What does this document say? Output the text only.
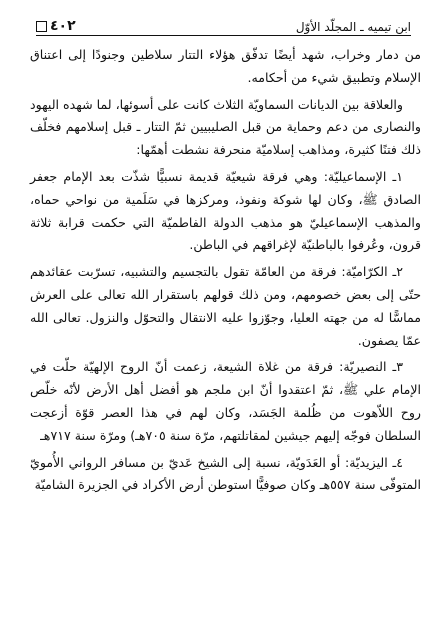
٤٠٢	ابن تيميه ـ المجلّد الأوّل

من دمار وخراب، شهد أيضًا تدفّق هؤلاء التتار سلاطين وجنودًا إلى اعتناق الإسلام وتطبيق شيء من أحكامه.

والعلاقة بين الديانات السماويّة الثلاث كانت على أسوئها، لما شهده اليهود والنصارى من دعم وحماية من قبل الصليبيين ثمّ التتار ـ قبل إسلامهم فخلّف ذلك فتنًا كثيرة، ومذاهب إسلاميّة منحرفة نشطت أهمّها:

١ـ الإسماعيليّة: وهي فرقة شيعيّة قديمة نسبيًّا شذّت بعد الإمام جعفر الصادق ﷺ، وكان لها شوكة ونفوذ، ومركزها في سَلَمية من نواحي حماه، والمذهب الإسماعيليّ هو مذهب الدولة الفاطميّة التي حكمت قرابة ثلاثة قرون، وعُرفوا بالباطنيّة لإغراقهم في الباطن.

٢ـ الكرّاميّة: فرقة من العامّة تقول بالتجسيم والتشبيه، تسرّبت عقائدهم حتّى إلى بعض خصومهم، ومن ذلك قولهم باستقرار الله تعالى على العرش مماسًّا له من جهته العليا، وجوّزوا عليه الانتقال والتحوّل والنزول. تعالى الله عمّا يصفون.

٣ـ النصيريّة: فرقة من غلاة الشيعة، زعمت أنّ الروح الإلهيّة حلّت في الإمام علي ﷺ، ثمّ اعتقدوا أنّ ابن ملجم هو أفضل أهل الأرض لأنّه خلّص روح اللاّهوت من ظُلمة الجَسَد، وكان لهم في هذا العصر قوّة أزعجت السلطان فوجّه إليهم جيشين لمقاتلتهم، مرّة سنة ٧٠٥هـ) ومرّة سنة ٧١٧هـ

٤ـ اليزيديّة: أو العَدَويّة، نسبة إلى الشيخ عَديّ بن مسافر الرواني الأُمويّ المتوفّى سنة ٥٥٧هـ وكان صوفيًّا استوطن أرض الأكراد في الجزيرة الشاميّة
